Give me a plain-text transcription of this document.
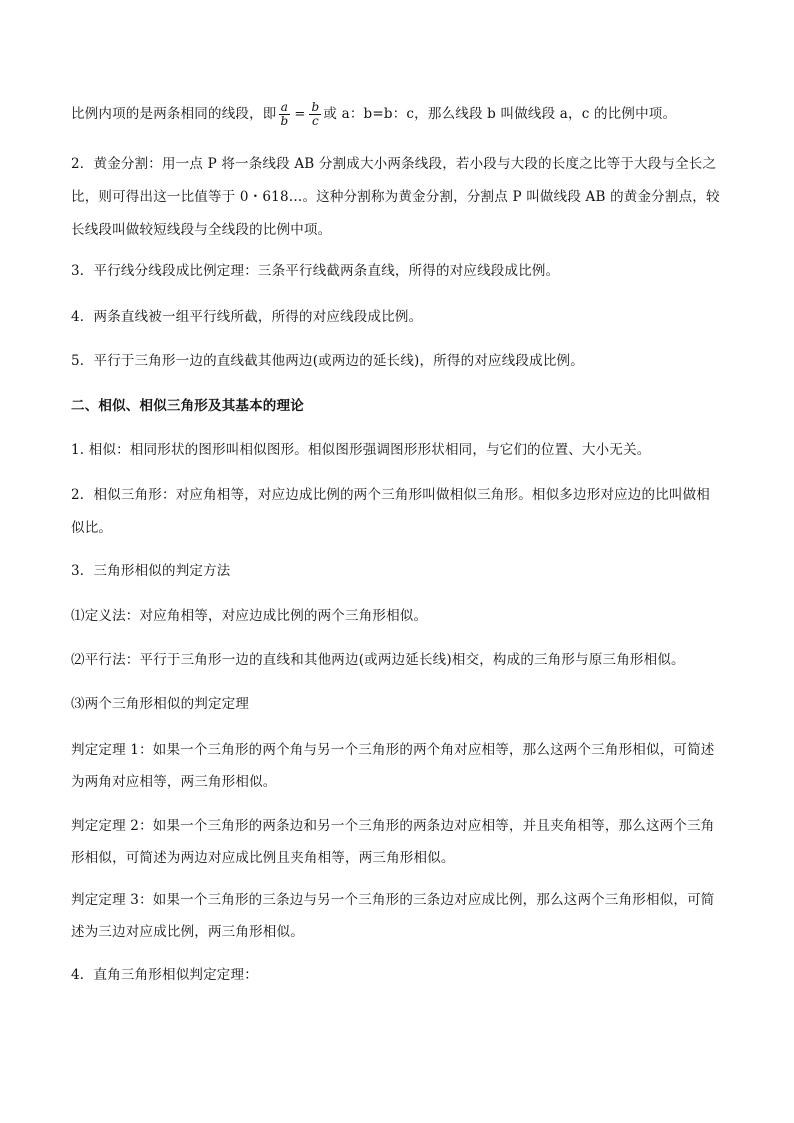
比例内项的是两条相同的线段，即 $\frac{a}{b} = \frac{b}{c}$ 或 a：b=b：c，那么线段 b 叫做线段 a，c 的比例中项。

2．黄金分割：用一点 P 将一条线段 AB 分割成大小两条线段，若小段与大段的长度之比等于大段与全长之比，则可得出这一比值等于 0・618…。这种分割称为黄金分割，分割点 P 叫做线段 AB 的黄金分割点，较长线段叫做较短线段与全线段的比例中项。

3．平行线分线段成比例定理：三条平行线截两条直线，所得的对应线段成比例。

4．两条直线被一组平行线所截，所得的对应线段成比例。

5．平行于三角形一边的直线截其他两边(或两边的延长线)，所得的对应线段成比例。

二、相似、相似三角形及其基本的理论

1. 相似：相同形状的图形叫相似图形。相似图形强调图形形状相同，与它们的位置、大小无关。

2．相似三角形：对应角相等，对应边成比例的两个三角形叫做相似三角形。相似多边形对应边的比叫做相似比。

3．三角形相似的判定方法

⑴定义法：对应角相等，对应边成比例的两个三角形相似。

⑵平行法：平行于三角形一边的直线和其他两边(或两边延长线)相交，构成的三角形与原三角形相似。

⑶两个三角形相似的判定定理

判定定理 1：如果一个三角形的两个角与另一个三角形的两个角对应相等，那么这两个三角形相似，可简述为两角对应相等，两三角形相似。

判定定理 2：如果一个三角形的两条边和另一个三角形的两条边对应相等，并且夹角相等，那么这两个三角形相似，可简述为两边对应成比例且夹角相等，两三角形相似。

判定定理 3：如果一个三角形的三条边与另一个三角形的三条边对应成比例，那么这两个三角形相似，可简述为三边对应成比例，两三角形相似。

4．直角三角形相似判定定理：
